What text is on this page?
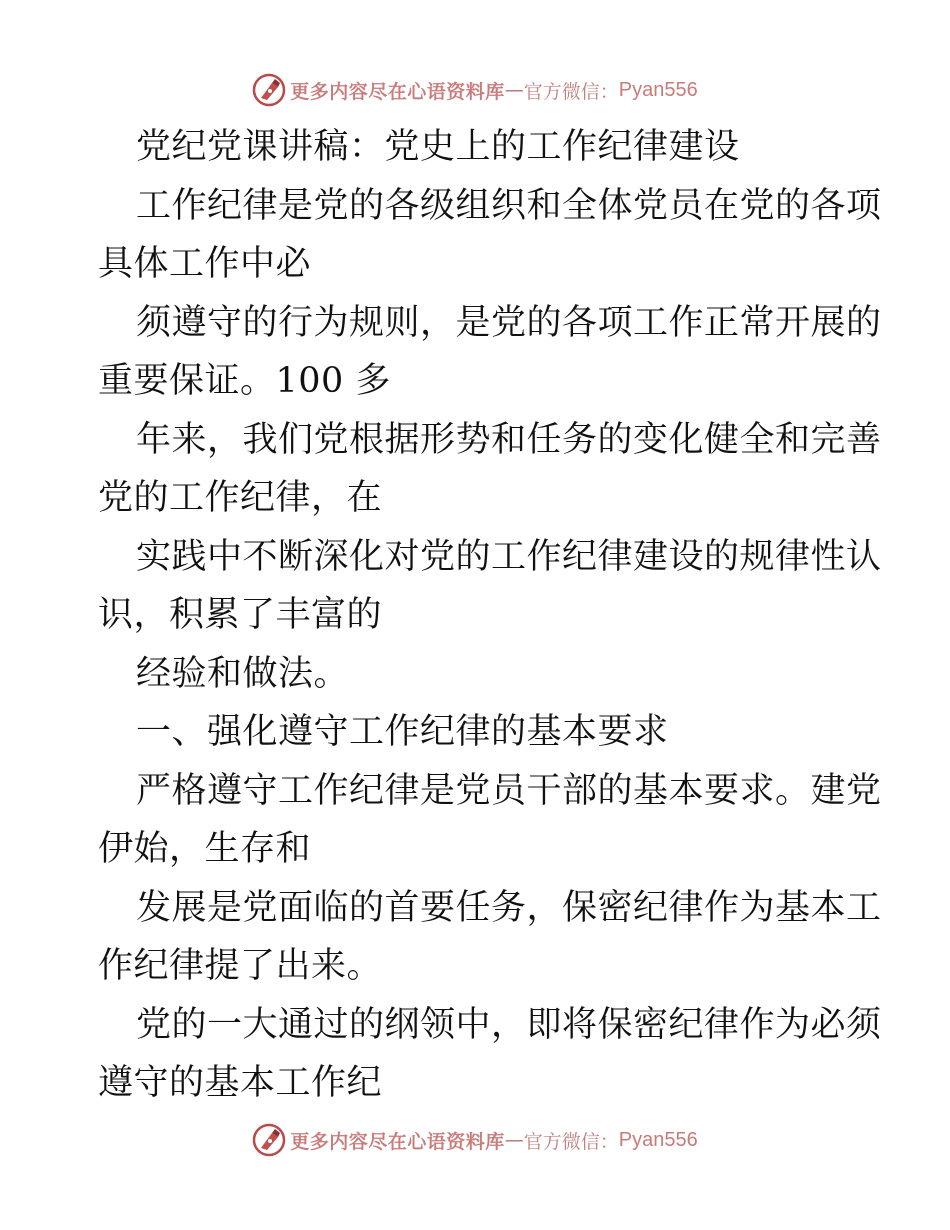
更多内容尽在心语资料库 — 官方微信： Pyan556
党纪党课讲稿：党史上的工作纪律建设
工作纪律是党的各级组织和全体党员在党的各项
具体工作中必
须遵守的行为规则，是党的各项工作正常开展的
重要保证。100 多
年来，我们党根据形势和任务的变化健全和完善
党的工作纪律，在
实践中不断深化对党的工作纪律建设的规律性认
识，积累了丰富的
经验和做法。
一、强化遵守工作纪律的基本要求
严格遵守工作纪律是党员干部的基本要求。建党
伊始，生存和
发展是党面临的首要任务，保密纪律作为基本工
作纪律提了出来。
党的一大通过的纲领中，即将保密纪律作为必须
遵守的基本工作纪
更多内容尽在心语资料库 — 官方微信： Pyan556
